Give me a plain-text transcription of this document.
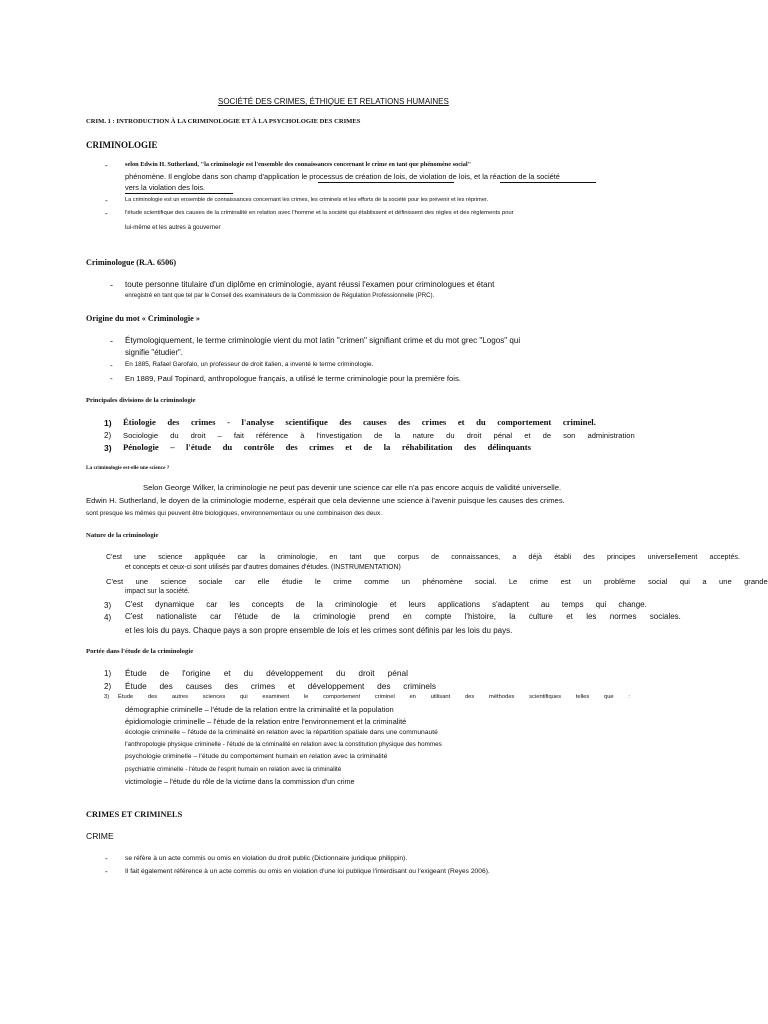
SOCIÉTÉ DES CRIMES, ÉTHIQUE ET RELATIONS HUMAINES
CRIM. 1 : INTRODUCTION À LA CRIMINOLOGIE ET À LA PSYCHOLOGIE DES CRIMES
CRIMINOLOGIE
-	selon Edwin H. Sutherland, "la criminologie est l'ensemble des connaissances concernant le crime en tant que phénomène social"
phénomène. Il englobe dans son champ d'application le processus de création de lois, de violation de lois, et la réaction de la société
vers la violation des lois.
-	La criminologie est un ensemble de connaissances concernant les crimes, les criminels et les efforts de la société pour les prévenir et les réprimer.
-	l'étude scientifique des causes de la criminalité en relation avec l'homme et la société qui établissent et définissent des règles et des règlements pour
lui-même et les autres à gouverner
Criminologue (R.A. 6506)
- toute personne titulaire d'un diplôme en criminologie, ayant réussi l'examen pour criminologues et étant
enregistré en tant que tel par le Conseil des examinateurs de la Commission de Régulation Professionnelle (PRC).
Origine du mot « Criminologie »
- Étymologiquement, le terme criminologie vient du mot latin "crimen" signifiant crime et du mot grec "Logos" qui
signifie "étudier".
- En 1885, Rafael Garofalo, un professeur de droit italien, a inventé le terme criminologie.
- En 1889, Paul Topinard, anthropologue français, a utilisé le terme criminologie pour la première fois.
Principales divisions de la criminologie
1) Étiologie des crimes - l'analyse scientifique des causes des crimes et du comportement criminel.
2) Sociologie du droit – fait référence à l'investigation de la nature du droit pénal et de son administration
3) Pénologie – l'étude du contrôle des crimes et de la réhabilitation des délinquants
La criminologie est-elle une science ?
Selon George Wilker, la criminologie ne peut pas devenir une science car elle n'a pas encore acquis de validité universelle.
Edwin H. Sutherland, le doyen de la criminologie moderne, espérait que cela devienne une science à l'avenir puisque les causes des crimes.
sont presque les mêmes qui peuvent être biologiques, environnementaux ou une combinaison des deux.
Nature de la criminologie
C'est une science appliquée car la criminologie, en tant que corpus de connaissances, a déjà établi des principes universellement acceptés.
et concepts et ceux-ci sont utilisés par d'autres domaines d'études. (INSTRUMENTATION)
C'est une science sociale car elle étudie le crime comme un phénomène social. Le crime est un problème social qui a une grande
impact sur la société.
3) C'est dynamique car les concepts de la criminologie et leurs applications s'adaptent au temps qui change.
4) C'est nationaliste car l'étude de la criminologie prend en compte l'histoire, la culture et les normes sociales.
et les lois du pays. Chaque pays a son propre ensemble de lois et les crimes sont définis par les lois du pays.
Portée dans l'étude de la criminologie
1) Étude de l'origine et du développement du droit pénal
2) Étude des causes des crimes et développement des criminels
3) Étude	des	autres	sciences	qui	examinent	le	comportement	criminel	en	utilisant	des	méthodes	scientifiques	telles	que	:
démographie criminelle – l'étude de la relation entre la criminalité et la population
épidiomologie criminelle – l'étude de la relation entre l'environnement et la criminalité
écologie criminelle – l'étude de la criminalité en relation avec la répartition spatiale dans une communauté
l'anthropologie physique criminelle - l'étude de la criminalité en relation avec la constitution physique des hommes
psychologie criminelle – l'étude du comportement humain en relation avec la criminalité
psychiatrie criminelle - l'étude de l'esprit humain en relation avec la criminalité
victimologie – l'étude du rôle de la victime dans la commission d'un crime
CRIMES ET CRIMINELS
CRIME
-	se réfère à un acte commis ou omis en violation du droit public (Dictionnaire juridique philippin).
-	Il fait également référence à un acte commis ou omis en violation d'une loi publique l'interdisant ou l'exigeant (Reyes 2006).
